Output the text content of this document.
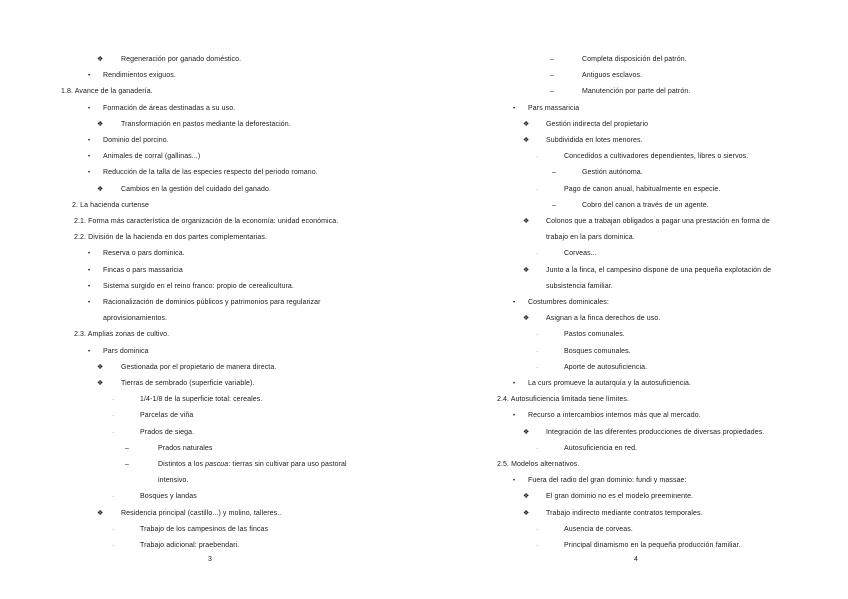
❖	Regeneración por ganado doméstico.
• Rendimientos exiguos.
1.8. Avance de la ganadería.
• Formación de áreas destinadas a su uso.
❖	Transformación en pastos mediante la deforestación.
• Dominio del porcino.
• Animales de corral (gallinas...)
• Reducción de la talla de las especies respecto del periodo romano.
❖	Cambios en la gestión del cuidado del ganado.
2. La hacienda curtense
2.1. Forma más característica de organización de la economía: unidad económica.
2.2. División de la hacienda en dos partes complementarias.
• Reserva o pars dominica.
• Fincas o pars massaricia
• Sistema surgido en el reino franco: propio de cerealicultura.
• Racionalización de dominios públicos y patrimonios para regularizar
aprovisionamientos.
2.3. Amplias zonas de cultivo.
• Pars dominica
❖	Gestionada por el propietario de manera directa.
❖	Tierras de sembrado (superficie variable).
·	1/4-1/8 de la superficie total: cereales.
·	Parcelas de viña
·	Prados de siega.
–	Prados naturales
–	Distintos a los pascua: tierras sin cultivar para uso pastoral
intensivo.
·	Bosques y landas
❖	Residencia principal (castillo...) y molino, talleres..
·	Trabajo de los campesinos de las fincas
·	Trabajo adicional: praebendari.
3
–	Completa disposición del patrón.
–	Antiguos esclavos.
–	Manutención por parte del patrón.
• Pars massaricia
❖ Gestión indirecta del propietario
❖ Subdividida en lotes menores.
·	Concedidos a cultivadores dependientes, libres o siervos.
–	Gestión autónoma.
·	Pago de canon anual, habitualmente en especie.
–	Cobro del canon a través de un agente.
❖ Colonos que a trabajan obligados a pagar una prestación en forma de
trabajo en la pars dominica.
·	Corveas...
❖ Junto a la finca, el campesino dispone de una pequeña explotación de
subsistencia familiar.
• Costumbres dominicales:
❖ Asignan a la finca derechos de uso.
·	Pastos comunales.
·	Bosques comunales.
·	Aporte de autosuficiencia.
• La curs promueve la autarquía y la autosuficiencia.
2.4. Autosuficiencia limitada tiene límites.
• Recurso a intercambios internos más que al mercado.
❖ Integración de las diferentes producciones de diversas propiedades.
·	Autosuficiencia en red.
2.5. Modelos alternativos.
• Fuera del radio del gran dominio: fundi y massae:
❖ El gran dominio no es el modelo preeminente.
❖ Trabajo indirecto mediante contratos temporales.
·	Ausencia de corveas.
·	Principal dinamismo en la pequeña producción familiar.
4
